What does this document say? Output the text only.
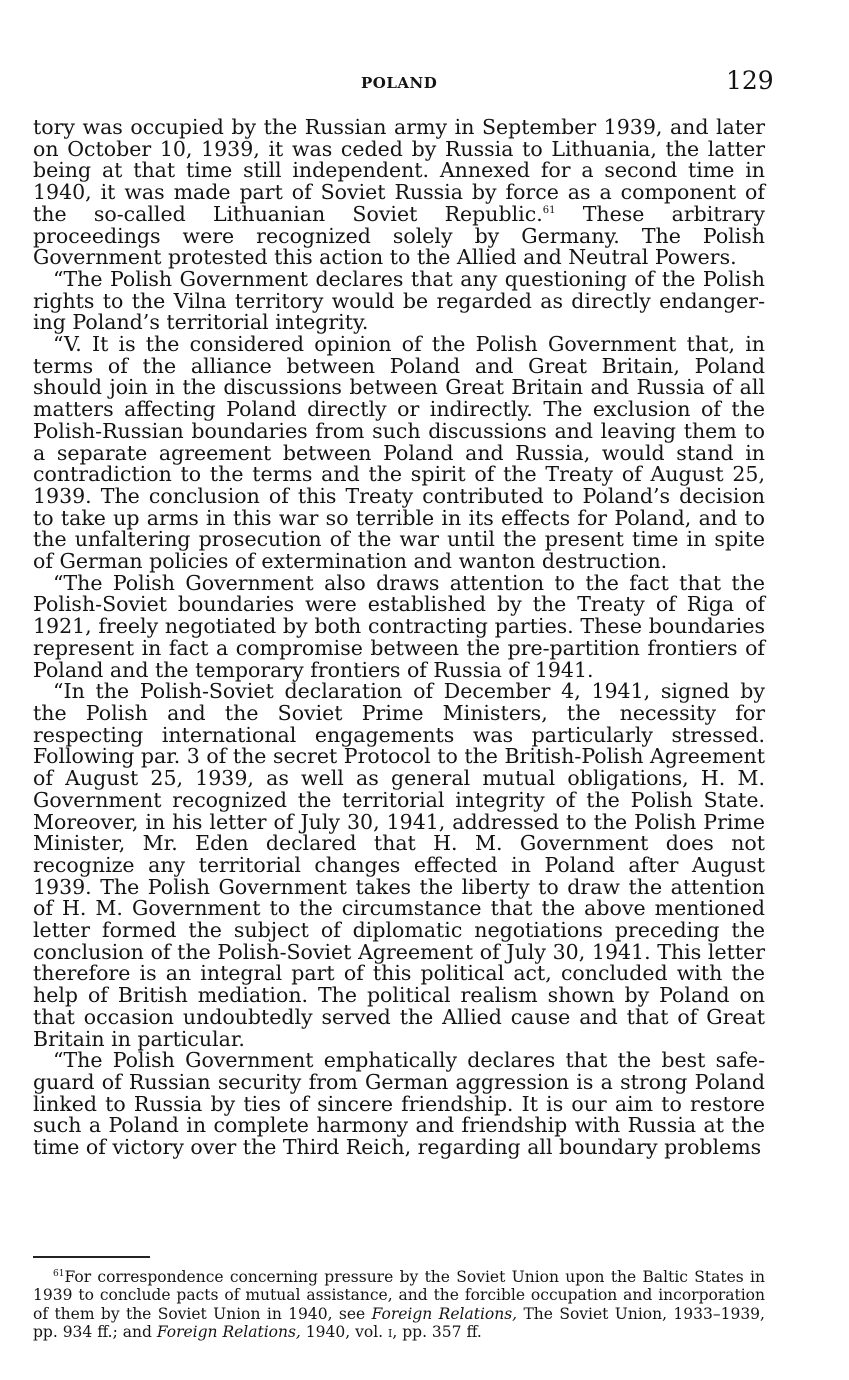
POLAND	129

tory was occupied by the Russian army in September 1939, and later on October 10, 1939, it was ceded by Russia to Lithuania, the latter being at that time still independent. Annexed for a second time in 1940, it was made part of Soviet Russia by force as a component of the so-called Lithuanian Soviet Republic.$^{61}$ These arbitrary proceedings were recognized solely by Germany. The Polish Government protested this action to the Allied and Neutral Powers.

“The Polish Government declares that any questioning of the Polish rights to the Vilna territory would be regarded as directly endangering Poland’s territorial integrity.

“V. It is the considered opinion of the Polish Government that, in terms of the alliance between Poland and Great Britain, Poland should join in the discussions between Great Britain and Russia of all matters affecting Poland directly or indirectly. The exclusion of the Polish-Russian boundaries from such discussions and leaving them to a separate agreement between Poland and Russia, would stand in contradiction to the terms and the spirit of the Treaty of August 25, 1939. The conclusion of this Treaty contributed to Poland’s decision to take up arms in this war so terrible in its effects for Poland, and to the unfaltering prosecution of the war until the present time in spite of German policies of extermination and wanton destruction.

“The Polish Government also draws attention to the fact that the Polish-Soviet boundaries were established by the Treaty of Riga of 1921, freely negotiated by both contracting parties. These boundaries represent in fact a compromise between the pre-partition frontiers of Poland and the temporary frontiers of Russia of 1941.

“In the Polish-Soviet declaration of December 4, 1941, signed by the Polish and the Soviet Prime Ministers, the necessity for respecting international engagements was particularly stressed. Following par. 3 of the secret Protocol to the British-Polish Agreement of August 25, 1939, as well as general mutual obligations, H. M. Government recognized the territorial integrity of the Polish State. Moreover, in his letter of July 30, 1941, addressed to the Polish Prime Minister, Mr. Eden declared that H. M. Government does not recognize any territorial changes effected in Poland after August 1939. The Polish Government takes the liberty to draw the attention of H. M. Government to the circumstance that the above mentioned letter formed the subject of diplomatic negotiations preceding the conclusion of the Polish-Soviet Agreement of July 30, 1941. This letter therefore is an integral part of this political act, concluded with the help of British mediation. The political realism shown by Poland on that occasion undoubtedly served the Allied cause and that of Great Britain in particular.

“The Polish Government emphatically declares that the best safeguard of Russian security from German aggression is a strong Poland linked to Russia by ties of sincere friendship. It is our aim to restore such a Poland in complete harmony and friendship with Russia at the time of victory over the Third Reich, regarding all boundary problems

$^{61}$For correspondence concerning pressure by the Soviet Union upon the Baltic States in 1939 to conclude pacts of mutual assistance, and the forcible occupation and incorporation of them by the Soviet Union in 1940, see Foreign Relations, The Soviet Union, 1933–1939, pp. 934 ff.; and Foreign Relations, 1940, vol. i, pp. 357 ff.
